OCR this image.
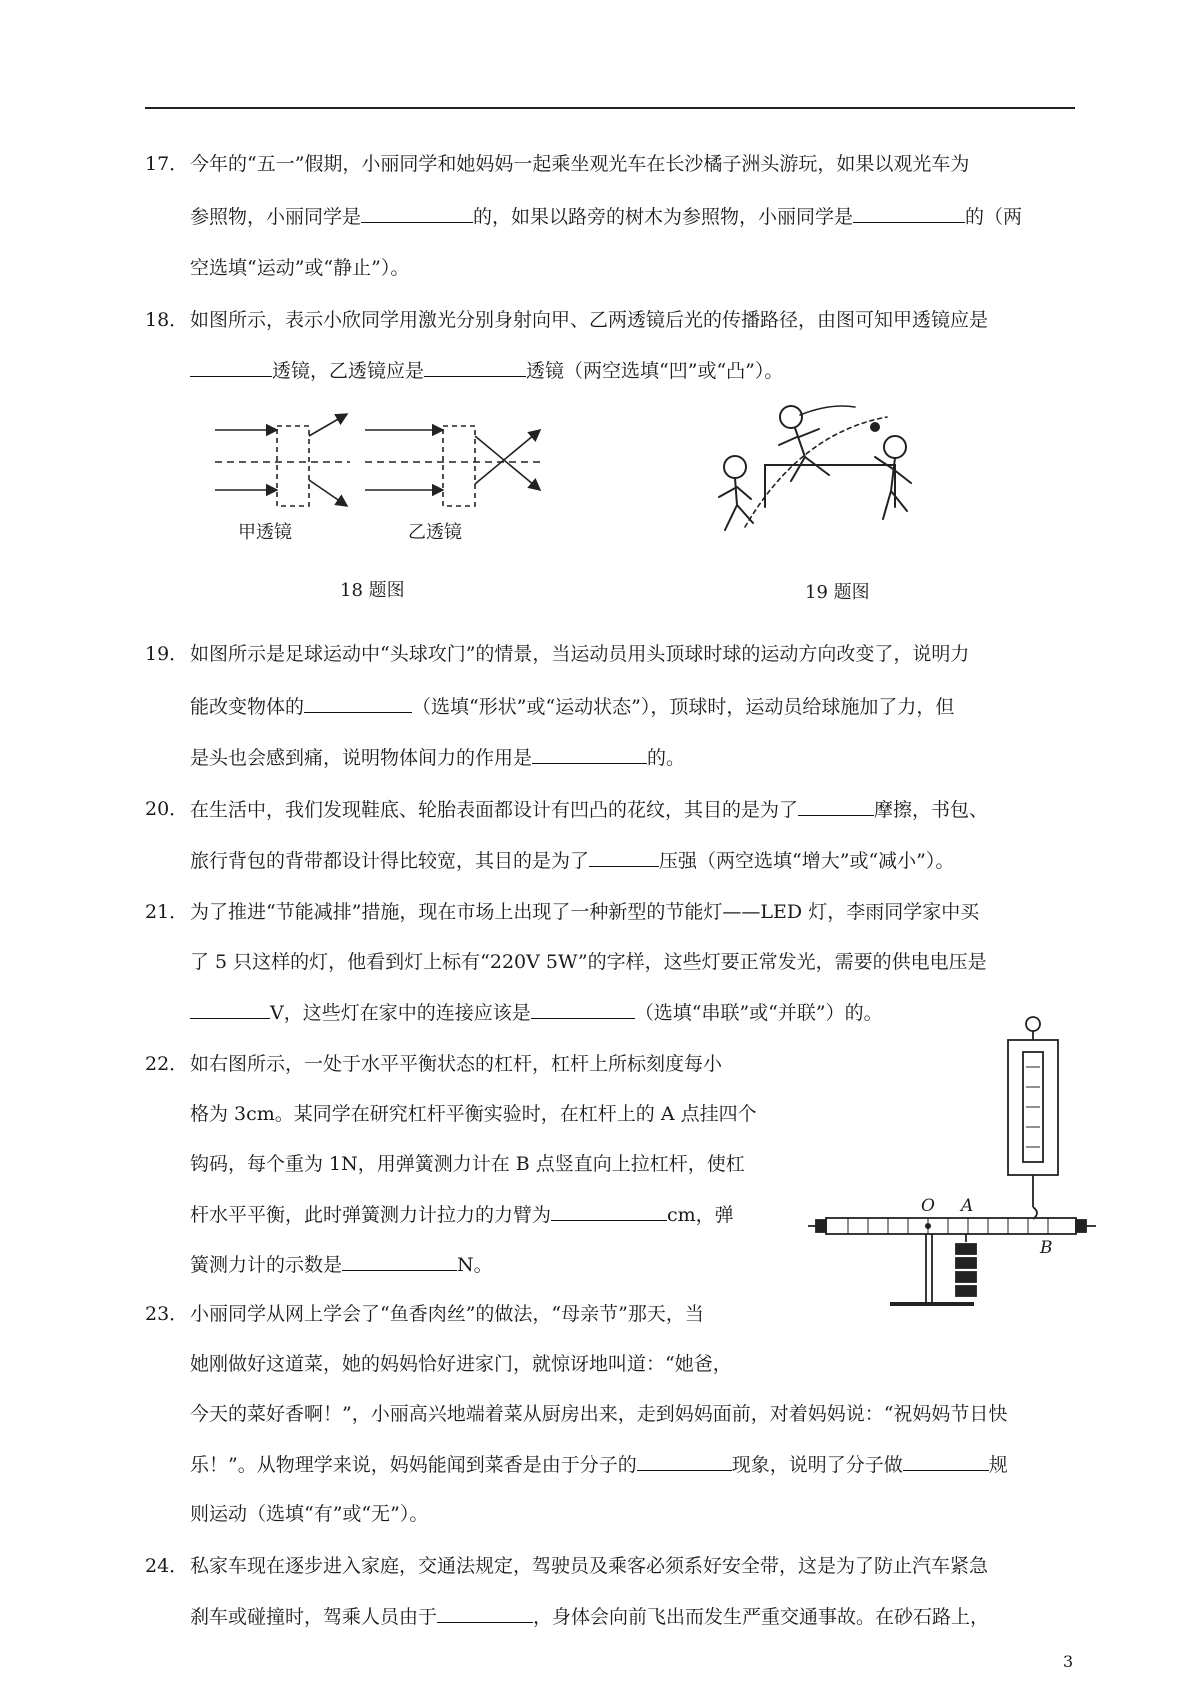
17． 今年的“五一”假期，小丽同学和她妈妈一起乘坐观光车在长沙橘子洲头游玩，如果以观光车为
参照物，小丽同学是	的，如果以路旁的树木为参照物，小丽同学是	的（两
空选填“运动”或“静止”）。
18． 如图所示，表示小欣同学用激光分别身射向甲、乙两透镜后光的传播路径，由图可知甲透镜应是
透镜，乙透镜应是	透镜（两空选填“凹”或“凸”）。
甲透镜	乙透镜
18 题图	19 题图
19． 如图所示是足球运动中“头球攻门”的情景，当运动员用头顶球时球的运动方向改变了，说明力
能改变物体的	（选填“形状”或“运动状态”），顶球时，运动员给球施加了力，但
是头也会感到痛，说明物体间力的作用是	的。
20． 在生活中，我们发现鞋底、轮胎表面都设计有凹凸的花纹，其目的是为了	摩擦，书包、
旅行背包的背带都设计得比较宽，其目的是为了	压强（两空选填“增大”或“减小”）。
21． 为了推进“节能减排”措施，现在市场上出现了一种新型的节能灯——LED 灯，李雨同学家中买
了 5 只这样的灯，他看到灯上标有“220V 5W”的字样，这些灯要正常发光，需要的供电电压是
V，这些灯在家中的连接应该是	（选填“串联”或“并联”）的。
22． 如右图所示，一处于水平平衡状态的杠杆，杠杆上所标刻度每小
格为 3cm。某同学在研究杠杆平衡实验时，在杠杆上的 A 点挂四个
钩码，每个重为 1N，用弹簧测力计在 B 点竖直向上拉杠杆，使杠
杆水平平衡，此时弹簧测力计拉力的力臂为	cm，弹
簧测力计的示数是	N。
O A
B
23． 小丽同学从网上学会了“鱼香肉丝”的做法，“母亲节”那天，当
她刚做好这道菜，她的妈妈恰好进家门，就惊讶地叫道：“她爸，
今天的菜好香啊！”，小丽高兴地端着菜从厨房出来，走到妈妈面前，对着妈妈说：“祝妈妈节日快
乐！”。从物理学来说，妈妈能闻到菜香是由于分子的	现象，说明了分子做	规
则运动（选填“有”或“无”）。
24． 私家车现在逐步进入家庭，交通法规定，驾驶员及乘客必须系好安全带，这是为了防止汽车紧急
刹车或碰撞时，驾乘人员由于	，身体会向前飞出而发生严重交通事故。在砂石路上，
3
